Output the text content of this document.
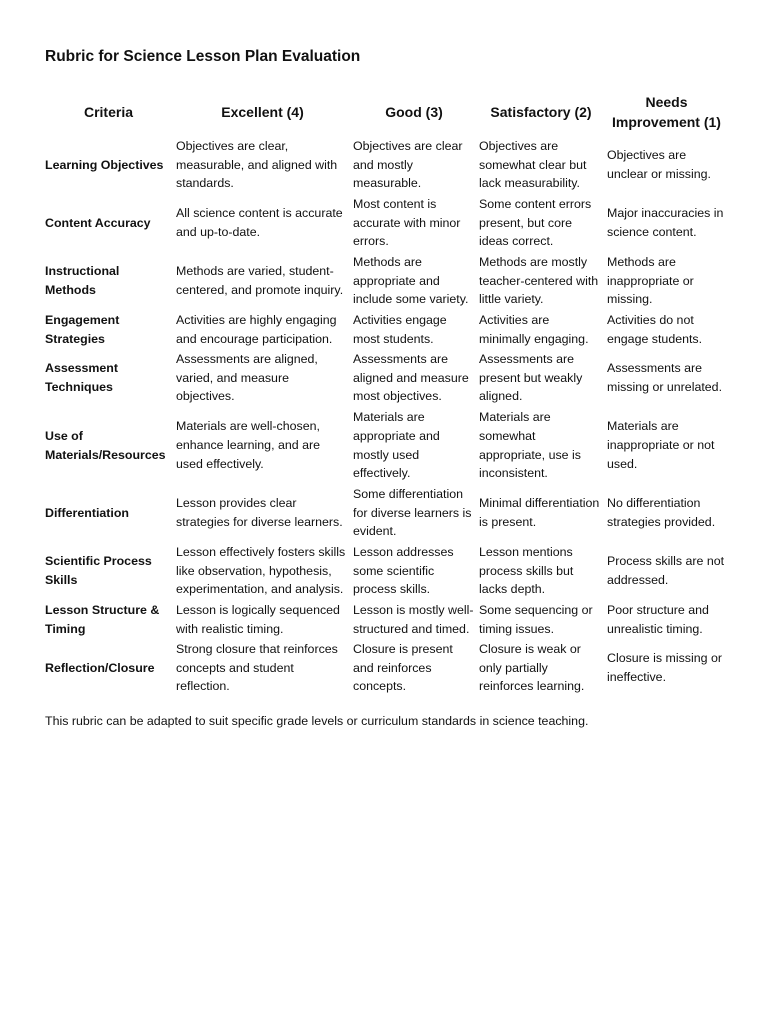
Rubric for Science Lesson Plan Evaluation
Criteria	Excellent (4)	Good (3)	Satisfactory (2)	Needs Improvement (1)
Learning Objectives	Objectives are clear, measurable, and aligned with standards.	Objectives are clear and mostly measurable.	Objectives are somewhat clear but lack measurability.	Objectives are unclear or missing.
Content Accuracy	All science content is accurate and up-to-date.	Most content is accurate with minor errors.	Some content errors present, but core ideas correct.	Major inaccuracies in science content.
Instructional Methods	Methods are varied, student-centered, and promote inquiry.	Methods are appropriate and include some variety.	Methods are mostly teacher-centered with little variety.	Methods are inappropriate or missing.
Engagement Strategies	Activities are highly engaging and encourage participation.	Activities engage most students.	Activities are minimally engaging.	Activities do not engage students.
Assessment Techniques	Assessments are aligned, varied, and measure objectives.	Assessments are aligned and measure most objectives.	Assessments are present but weakly aligned.	Assessments are missing or unrelated.
Use of Materials/Resources	Materials are well-chosen, enhance learning, and are used effectively.	Materials are appropriate and mostly used effectively.	Materials are somewhat appropriate, use is inconsistent.	Materials are inappropriate or not used.
Differentiation	Lesson provides clear strategies for diverse learners.	Some differentiation for diverse learners is evident.	Minimal differentiation is present.	No differentiation strategies provided.
Scientific Process Skills	Lesson effectively fosters skills like observation, hypothesis, experimentation, and analysis.	Lesson addresses some scientific process skills.	Lesson mentions process skills but lacks depth.	Process skills are not addressed.
Lesson Structure & Timing	Lesson is logically sequenced with realistic timing.	Lesson is mostly well-structured and timed.	Some sequencing or timing issues.	Poor structure and unrealistic timing.
Reflection/Closure	Strong closure that reinforces concepts and student reflection.	Closure is present and reinforces concepts.	Closure is weak or only partially reinforces learning.	Closure is missing or ineffective.
This rubric can be adapted to suit specific grade levels or curriculum standards in science teaching.
